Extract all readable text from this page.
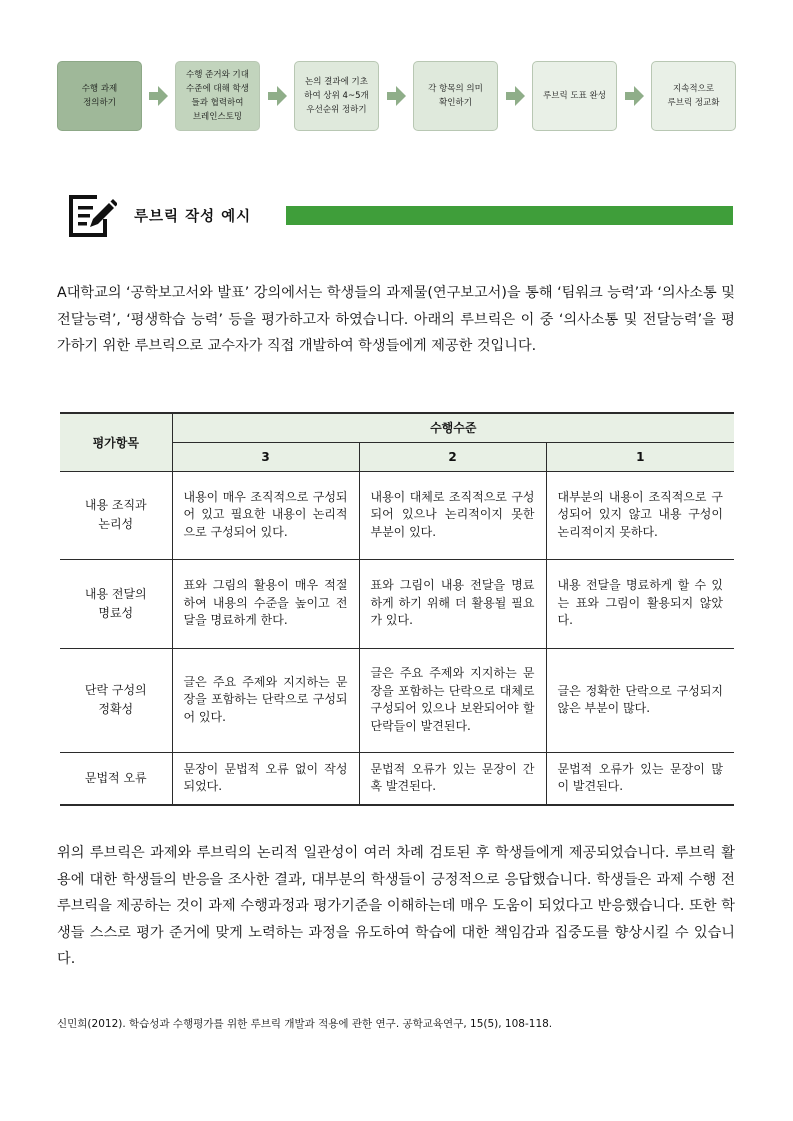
수행 과제
정의하기
수행 준거와 기대
수준에 대해 학생
들과 협력하여
브레인스토밍
논의 결과에 기초
하여 상위 4~5개
우선순위 정하기
각 항목의 의미
확인하기
루브릭 도표 완성
지속적으로
루브릭 정교화
루브릭 작성 예시

A대학교의 ‘공학보고서와 발표’ 강의에서는 학생들의 과제물(연구보고서)을 통해 ‘팀워크 능력’과 ‘의사소통 및 전달능력’, ‘평생학습 능력’ 등을 평가하고자 하였습니다. 아래의 루브릭은 이 중 ‘의사소통 및 전달능력’을 평가하기 위한 루브릭으로 교수자가 직접 개발하여 학생들에게 제공한 것입니다.

평가항목	수행수준		
	3	2	1
내용 조직과
논리성	내용이 매우 조직적으로 구성되어 있고 필요한 내용이 논리적으로 구성되어 있다.	내용이 대체로 조직적으로 구성되어 있으나 논리적이지 못한 부분이 있다.	대부분의 내용이 조직적으로 구성되어 있지 않고 내용 구성이 논리적이지 못하다.
내용 전달의
명료성	표와 그림의 활용이 매우 적절하여 내용의 수준을 높이고 전달을 명료하게 한다.	표와 그림이 내용 전달을 명료하게 하기 위해 더 활용될 필요가 있다.	내용 전달을 명료하게 할 수 있는 표와 그림이 활용되지 않았다.
단락 구성의
정확성	글은 주요 주제와 지지하는 문장을 포함하는 단락으로 구성되어 있다.	글은 주요 주제와 지지하는 문장을 포함하는 단락으로 대체로 구성되어 있으나 보완되어야 할 단락들이 발견된다.	글은 정확한 단락으로 구성되지 않은 부분이 많다.
문법적 오류	문장이 문법적 오류 없이 작성되었다.	문법적 오류가 있는 문장이 간혹 발견된다.	문법적 오류가 있는 문장이 많이 발견된다.

위의 루브릭은 과제와 루브릭의 논리적 일관성이 여러 차례 검토된 후 학생들에게 제공되었습니다. 루브릭 활용에 대한 학생들의 반응을 조사한 결과, 대부분의 학생들이 긍정적으로 응답했습니다. 학생들은 과제 수행 전 루브릭을 제공하는 것이 과제 수행과정과 평가기준을 이해하는데 매우 도움이 되었다고 반응했습니다. 또한 학생들 스스로 평가 준거에 맞게 노력하는 과정을 유도하여 학습에 대한 책임감과 집중도를 향상시킬 수 있습니다.

신민희(2012). 학습성과 수행평가를 위한 루브릭 개발과 적용에 관한 연구. 공학교육연구, 15(5), 108-118.
